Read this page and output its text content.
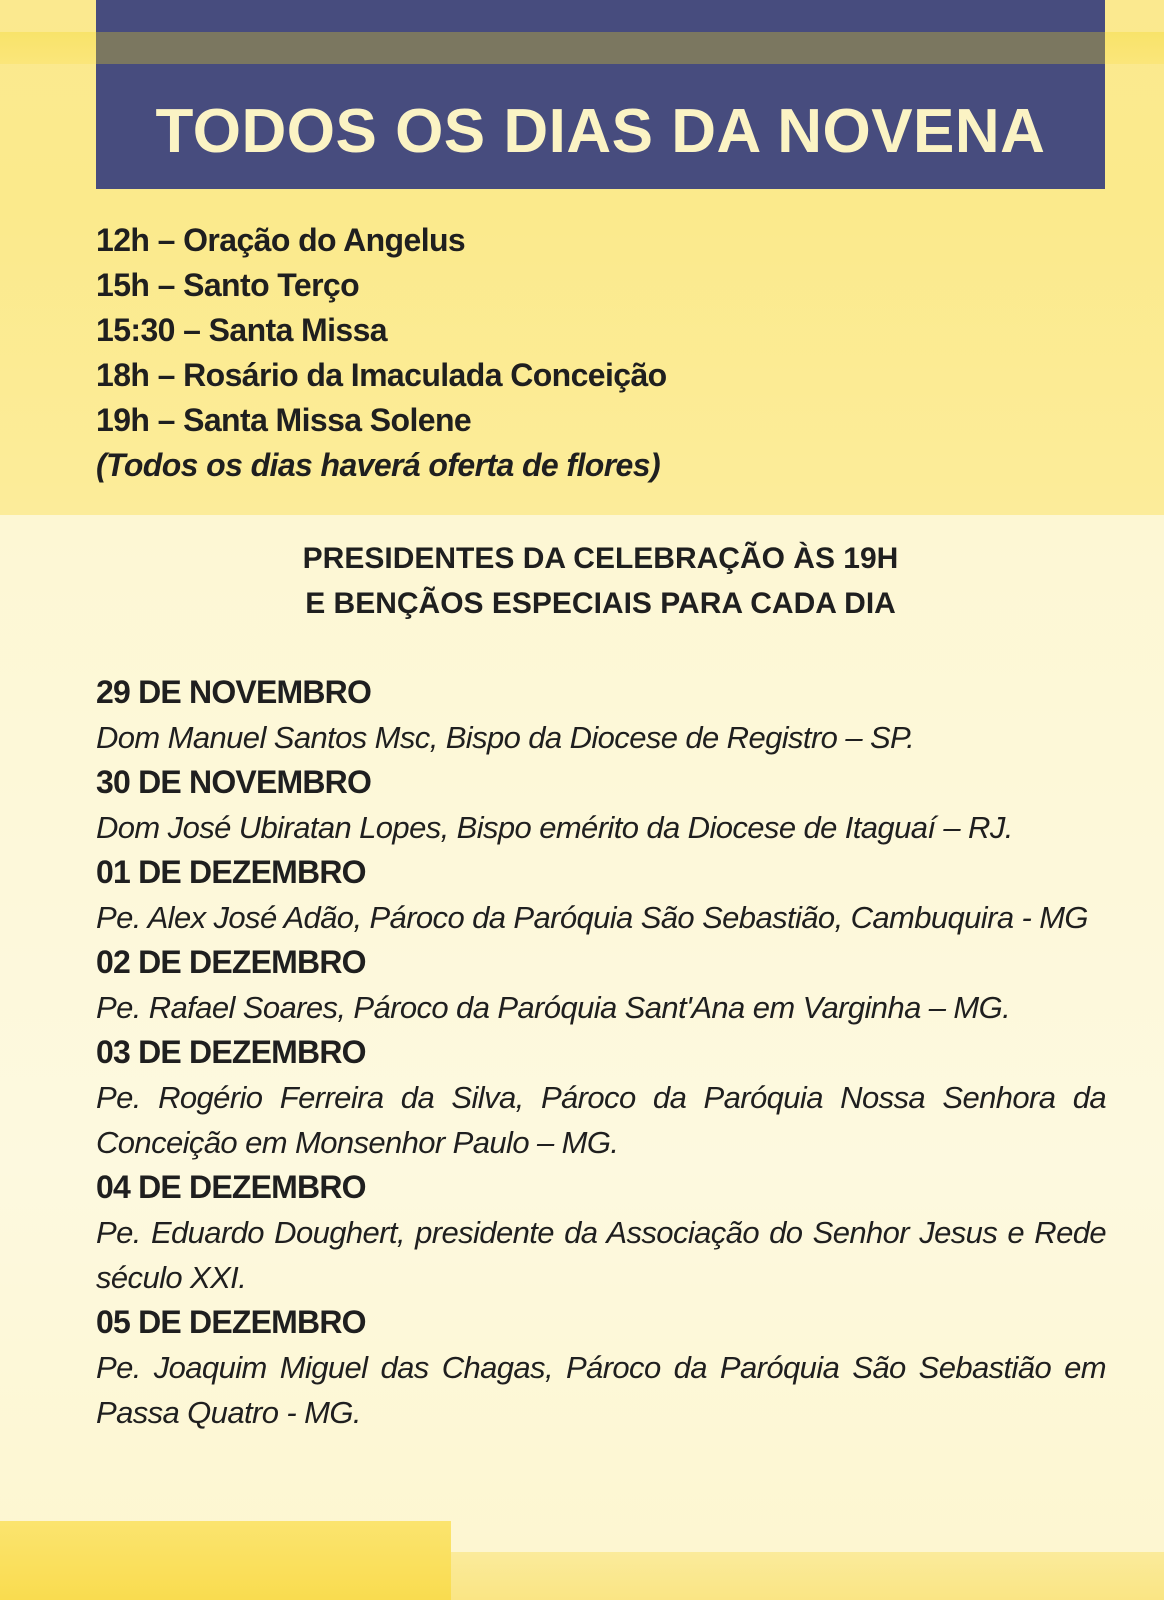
TODOS OS DIAS DA NOVENA
12h – Oração do Angelus
15h – Santo Terço
15:30 – Santa Missa
18h – Rosário da Imaculada Conceição
19h – Santa Missa Solene
(Todos os dias haverá oferta de flores)
PRESIDENTES DA CELEBRAÇÃO ÀS 19H
E BENÇÃOS ESPECIAIS PARA CADA DIA

29 DE NOVEMBRO

Dom Manuel Santos Msc, Bispo da Diocese de Registro – SP.

30 DE NOVEMBRO

Dom José Ubiratan Lopes, Bispo emérito da Diocese de Itaguaí – RJ.

01 DE DEZEMBRO

Pe. Alex José Adão, Pároco da Paróquia São Sebastião, Cambuquira - MG

02 DE DEZEMBRO

Pe. Rafael Soares, Pároco da Paróquia Sant'Ana em Varginha – MG.

03 DE DEZEMBRO

Pe. Rogério Ferreira da Silva, Pároco da Paróquia Nossa Senhora da Conceição em Monsenhor Paulo – MG.

04 DE DEZEMBRO

Pe. Eduardo Doughert, presidente da Associação do Senhor Jesus e Rede século XXI.

05 DE DEZEMBRO

Pe. Joaquim Miguel das Chagas, Pároco da Paróquia São Sebastião em Passa Quatro - MG.
